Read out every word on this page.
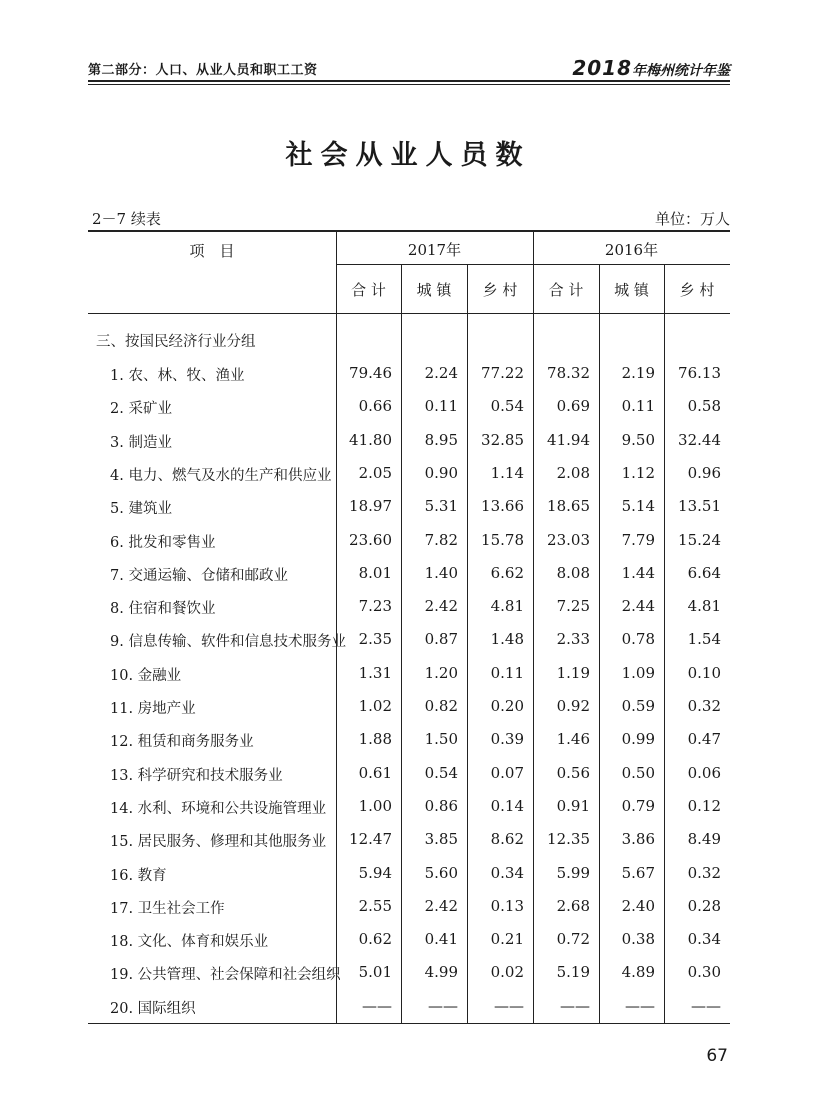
第二部分：人口、从业人员和职工工资	2018年梅州统计年鉴
社会从业人员数
2－7 续表	单位：万人
项　目	2017年	2016年
合 计	城 镇	乡 村	合 计	城 镇	乡 村
三、按国民经济行业分组
1. 农、林、牧、渔业	79.46	2.24	77.22	78.32	2.19	76.13
2. 采矿业	0.66	0.11	0.54	0.69	0.11	0.58
3. 制造业	41.80	8.95	32.85	41.94	9.50	32.44
4. 电力、燃气及水的生产和供应业	2.05	0.90	1.14	2.08	1.12	0.96
5. 建筑业	18.97	5.31	13.66	18.65	5.14	13.51
6. 批发和零售业	23.60	7.82	15.78	23.03	7.79	15.24
7. 交通运输、仓储和邮政业	8.01	1.40	6.62	8.08	1.44	6.64
8. 住宿和餐饮业	7.23	2.42	4.81	7.25	2.44	4.81
9. 信息传输、软件和信息技术服务业 2.35	0.87	1.48	2.33	0.78	1.54
10. 金融业	1.31	1.20	0.11	1.19	1.09	0.10
11. 房地产业	1.02	0.82	0.20	0.92	0.59	0.32
12. 租赁和商务服务业	1.88	1.50	0.39	1.46	0.99	0.47
13. 科学研究和技术服务业	0.61	0.54	0.07	0.56	0.50	0.06
14. 水利、环境和公共设施管理业	1.00	0.86	0.14	0.91	0.79	0.12
15. 居民服务、修理和其他服务业	12.47	3.85	8.62	12.35	3.86	8.49
16. 教育	5.94	5.60	0.34	5.99	5.67	0.32
17. 卫生社会工作	2.55	2.42	0.13	2.68	2.40	0.28
18. 文化、体育和娱乐业	0.62	0.41	0.21	0.72	0.38	0.34
19. 公共管理、社会保障和社会组织	5.01	4.99	0.02	5.19	4.89	0.30
20. 国际组织	——	——	——	——	——	——
67
